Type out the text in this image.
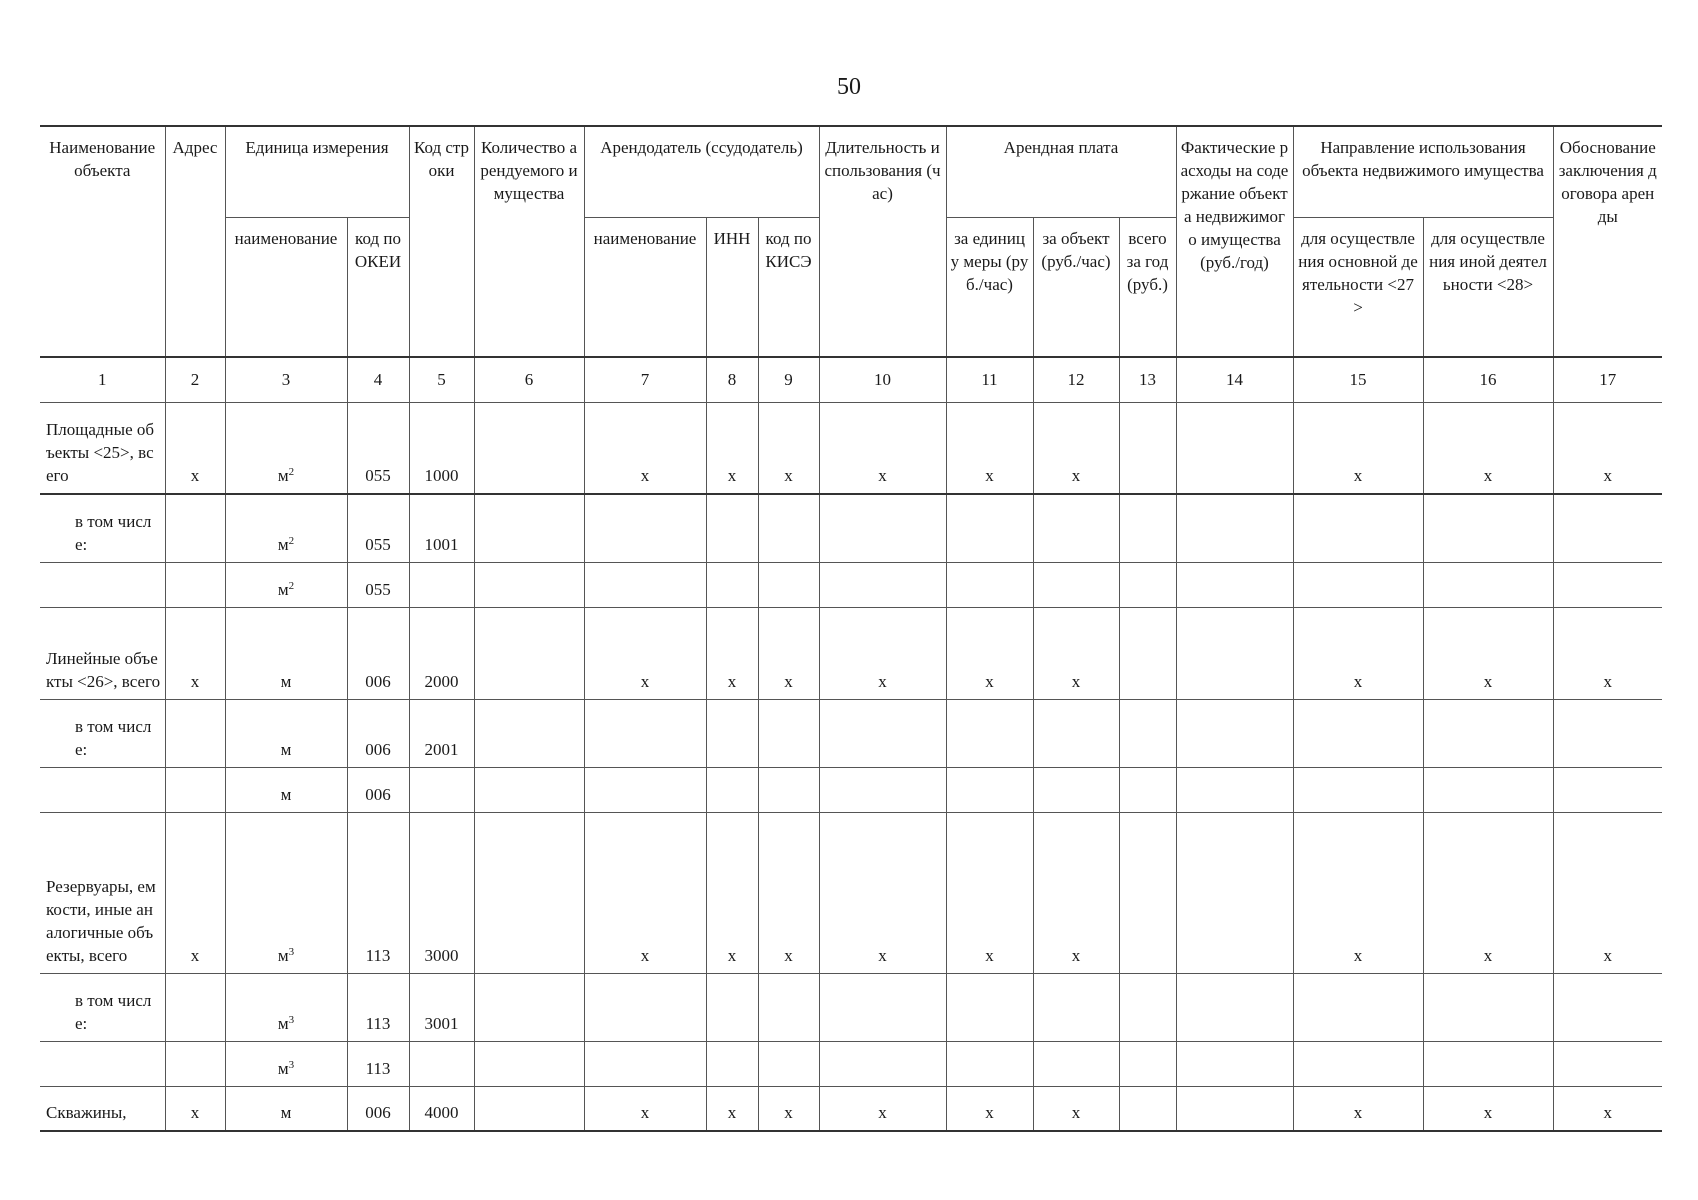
50
Наименование объекта	Адрес	Единица измерения		Код строки	Количество арендуемого имущества	Арендодатель (ссудодатель)			Длительность использования (час)	Арендная плата			Фактические расходы на содержание объекта недвижимого имущества (руб./год)	Направление использования объекта недвижимого имущества		Обоснование заключения договора аренды
		наименование	код по ОКЕИ			наименование	ИНН	код по КИСЭ		за единицу меры (руб./час)	за объект (руб./час)	всего за год (руб.)		для осуществления основной деятельности <27>	для осуществления иной деятельности <28>	
1	2	3	4	5	6	7	8	9	10	11	12	13	14	15	16	17
Площадные объекты <25>, всего	x	$м^2$	055	1000		x	x	x	x	x	x			x	x	x
в том числе:		$м^2$	055	1001												
		$м^2$	055													
Линейные объекты <26>, всего	x	м	006	2000		x	x	x	x	x	x			x	x	x
в том числе:		м	006	2001												
		м	006													
Резервуары, емкости, иные аналогичные объекты, всего	x	$м^3$	113	3000		x	x	x	x	x	x			x	x	x
в том числе:		$м^3$	113	3001												
		$м^3$	113													
Скважины,	x	м	006	4000		x	x	x	x	x	x			x	x	x
